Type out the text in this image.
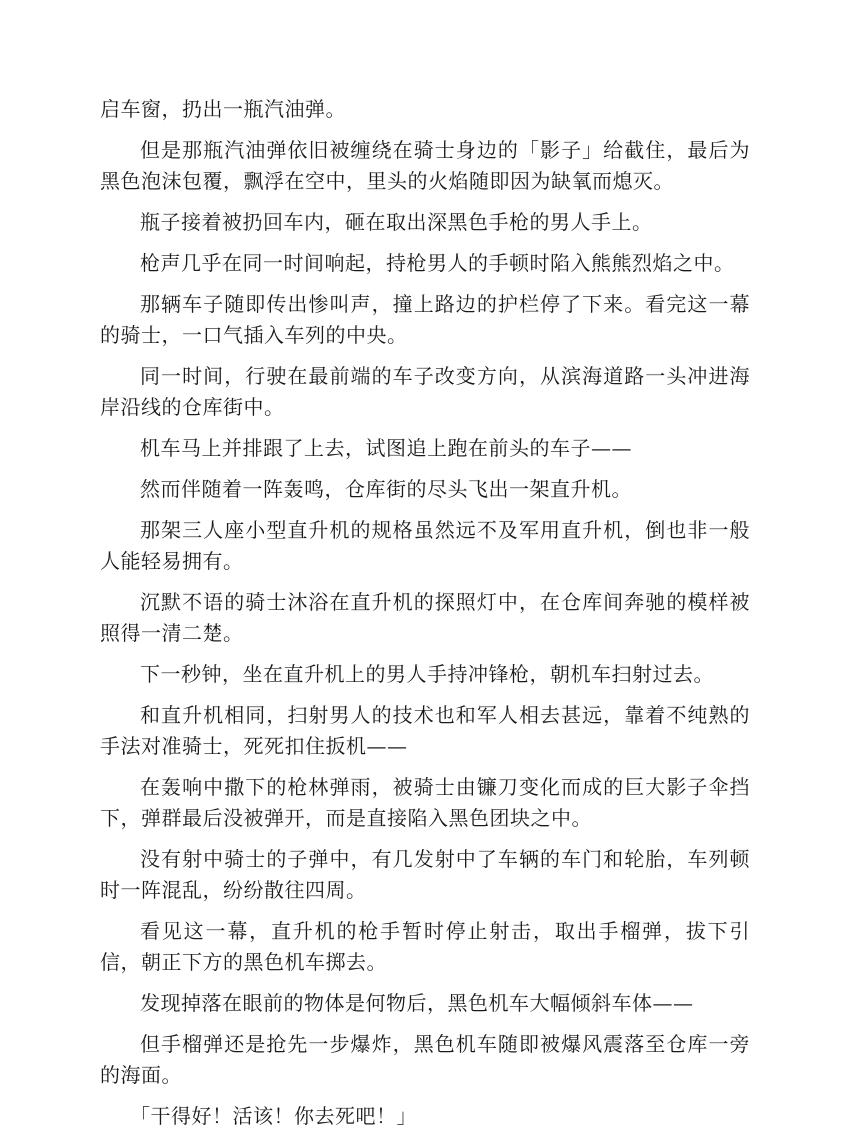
启车窗，扔出一瓶汽油弹。

但是那瓶汽油弹依旧被缠绕在骑士身边的「影子」给截住，最后为黑色泡沫包覆，飘浮在空中，里头的火焰随即因为缺氧而熄灭。

瓶子接着被扔回车内，砸在取出深黑色手枪的男人手上。

枪声几乎在同一时间响起，持枪男人的手顿时陷入熊熊烈焰之中。

那辆车子随即传出惨叫声，撞上路边的护栏停了下来。看完这一幕的骑士，一口气插入车列的中央。

同一时间，行驶在最前端的车子改变方向，从滨海道路一头冲进海岸沿线的仓库街中。

机车马上并排跟了上去，试图追上跑在前头的车子——

然而伴随着一阵轰鸣，仓库街的尽头飞出一架直升机。

那架三人座小型直升机的规格虽然远不及军用直升机，倒也非一般人能轻易拥有。

沉默不语的骑士沐浴在直升机的探照灯中，在仓库间奔驰的模样被照得一清二楚。

下一秒钟，坐在直升机上的男人手持冲锋枪，朝机车扫射过去。

和直升机相同，扫射男人的技术也和军人相去甚远，靠着不纯熟的手法对准骑士，死死扣住扳机——

在轰响中撒下的枪林弹雨，被骑士由镰刀变化而成的巨大影子伞挡下，弹群最后没被弹开，而是直接陷入黑色团块之中。

没有射中骑士的子弹中，有几发射中了车辆的车门和轮胎，车列顿时一阵混乱，纷纷散往四周。

看见这一幕，直升机的枪手暂时停止射击，取出手榴弹，拔下引信，朝正下方的黑色机车掷去。

发现掉落在眼前的物体是何物后，黑色机车大幅倾斜车体——

但手榴弹还是抢先一步爆炸，黑色机车随即被爆风震落至仓库一旁的海面。

「干得好！活该！你去死吧！」
